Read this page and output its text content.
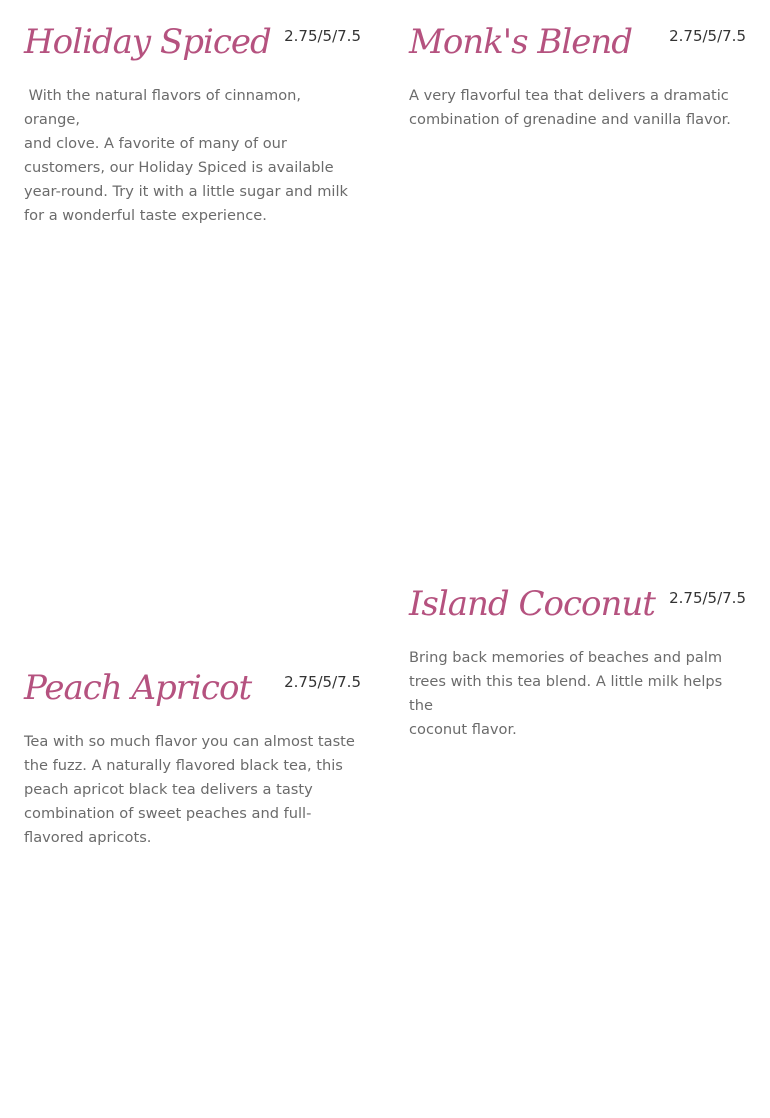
Holiday Spiced 2.75/5/7.5

With the natural flavors of cinnamon, orange,
and clove. A favorite of many of our
customers, our Holiday Spiced is available
year-round. Try it with a little sugar and milk
for a wonderful taste experience.

Monk's Blend 2.75/5/7.5

A very flavorful tea that delivers a dramatic
combination of grenadine and vanilla flavor.

Island Coconut 2.75/5/7.5

Bring back memories of beaches and palm
trees with this tea blend. A little milk helps the
coconut flavor.

Peach Apricot 2.75/5/7.5

Tea with so much flavor you can almost taste
the fuzz. A naturally flavored black tea, this
peach apricot black tea delivers a tasty
combination of sweet peaches and full-
flavored apricots.
